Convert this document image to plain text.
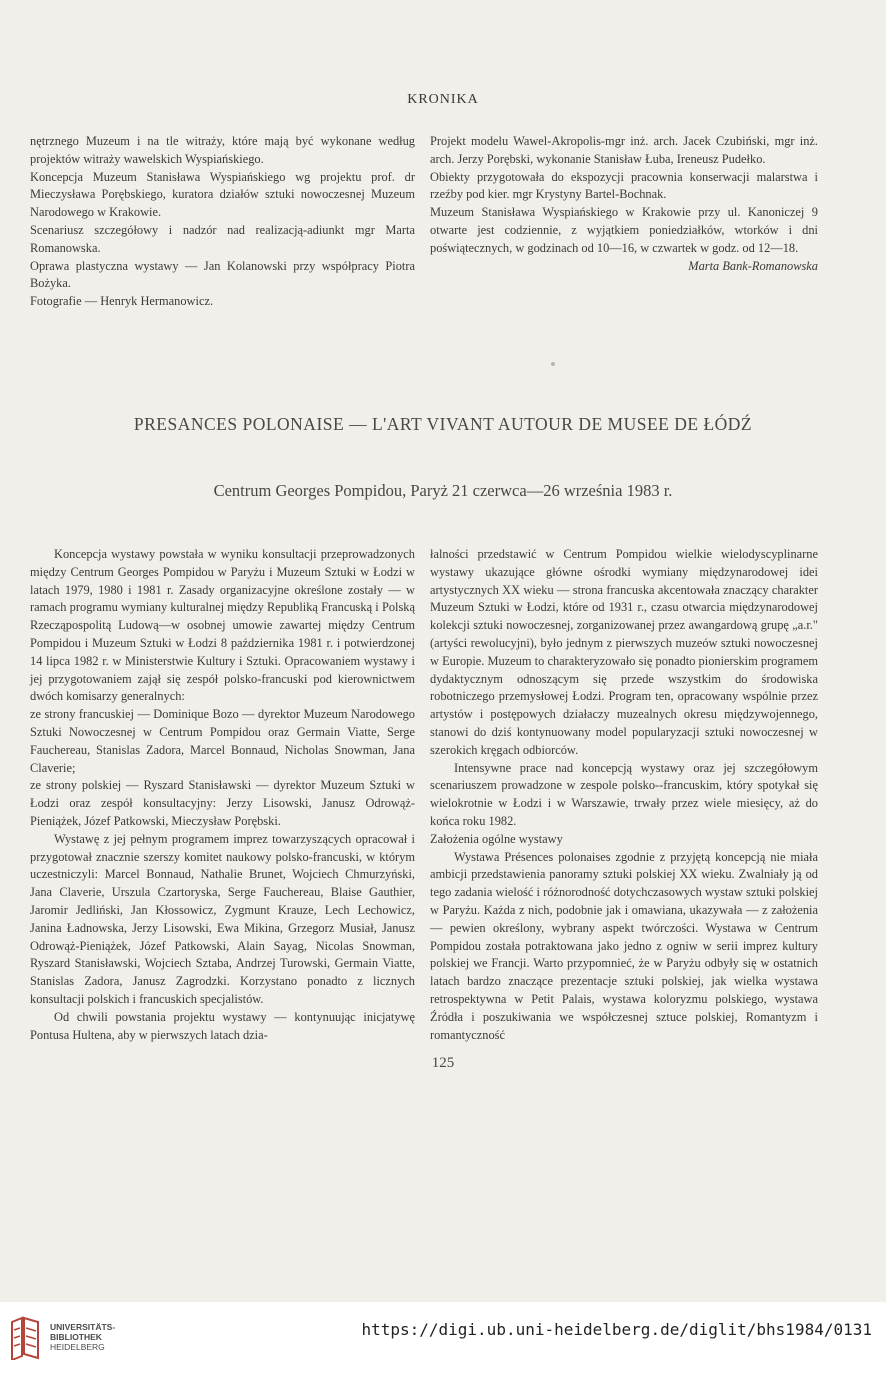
KRONIKA

nętrznego Muzeum i na tle witraży, które mają być wykonane według projektów witraży wawelskich Wyspiańskiego.

Koncepcja Muzeum Stanisława Wyspiańskiego wg projektu prof. dr Mieczysława Porębskiego, kuratora działów sztuki nowoczesnej Muzeum Narodowego w Krakowie.

Scenariusz szczegółowy i nadzór nad realizacją-adiunkt mgr Marta Romanowska.

Oprawa plastyczna wystawy — Jan Kolanowski przy współpracy Piotra Bożyka.

Fotografie — Henryk Hermanowicz.

Projekt modelu Wawel-Akropolis-mgr inż. arch. Jacek Czubiński, mgr inż. arch. Jerzy Porębski, wykonanie Stanisław Łuba, Ireneusz Pudełko.

Obiekty przygotowała do ekspozycji pracownia konserwacji malarstwa i rzeźby pod kier. mgr Krystyny Bartel-Bochnak.

Muzeum Stanisława Wyspiańskiego w Krakowie przy ul. Kanoniczej 9 otwarte jest codziennie, z wyjątkiem poniedziałków, wtorków i dni poświątecznych, w godzinach od 10—16, w czwartek w godz. od 12—18.

Marta Bank-Romanowska

PRESANCES POLONAISE — L'ART VIVANT AUTOUR DE MUSEE DE ŁÓDŹ
Centrum Georges Pompidou, Paryż 21 czerwca—26 września 1983 r.

Koncepcja wystawy powstała w wyniku konsultacji przeprowadzonych między Centrum Georges Pompidou w Paryżu i Muzeum Sztuki w Łodzi w latach 1979, 1980 i 1981 r. Zasady organizacyjne określone zostały — w ramach programu wymiany kulturalnej między Republiką Francuską i Polską Rzecząpospolitą Ludową—w osobnej umowie zawartej między Centrum Pompidou i Muzeum Sztuki w Łodzi 8 października 1981 r. i potwierdzonej 14 lipca 1982 r. w Ministerstwie Kultury i Sztuki. Opracowaniem wystawy i jej przygotowaniem zajął się zespół polsko-francuski pod kierownictwem dwóch komisarzy generalnych:

ze strony francuskiej — Dominique Bozo — dyrektor Muzeum Narodowego Sztuki Nowoczesnej w Centrum Pompidou oraz Germain Viatte, Serge Fauchereau, Stanislas Zadora, Marcel Bonnaud, Nicholas Snowman, Jana Claverie;

ze strony polskiej — Ryszard Stanisławski — dyrektor Muzeum Sztuki w Łodzi oraz zespół konsultacyjny: Jerzy Lisowski, Janusz Odrowąż-Pieniążek, Józef Patkowski, Mieczysław Porębski.

Wystawę z jej pełnym programem imprez towarzyszących opracował i przygotował znacznie szerszy komitet naukowy polsko-francuski, w którym uczestniczyli: Marcel Bonnaud, Nathalie Brunet, Wojciech Chmurzyński, Jana Claverie, Urszula Czartoryska, Serge Fauchereau, Blaise Gauthier, Jaromir Jedliński, Jan Kłossowicz, Zygmunt Krauze, Lech Lechowicz, Janina Ładnowska, Jerzy Lisowski, Ewa Mikina, Grzegorz Musiał, Janusz Odrowąż-Pieniążek, Józef Patkowski, Alain Sayag, Nicolas Snowman, Ryszard Stanisławski, Wojciech Sztaba, Andrzej Turowski, Germain Viatte, Stanislas Zadora, Janusz Zagrodzki. Korzystano ponadto z licznych konsultacji polskich i francuskich specjalistów.

Od chwili powstania projektu wystawy — kontynuując inicjatywę Pontusa Hultena, aby w pierwszych latach dzia-

łalności przedstawić w Centrum Pompidou wielkie wielodyscyplinarne wystawy ukazujące główne ośrodki wymiany międzynarodowej idei artystycznych XX wieku — strona francuska akcentowała znaczący charakter Muzeum Sztuki w Łodzi, które od 1931 r., czasu otwarcia międzynarodowej kolekcji sztuki nowoczesnej, zorganizowanej przez awangardową grupę „a.r." (artyści rewolucyjni), było jednym z pierwszych muzeów sztuki nowoczesnej w Europie. Muzeum to charakteryzowało się ponadto pionierskim programem dydaktycznym odnoszącym się przede wszystkim do środowiska robotniczego przemysłowej Łodzi. Program ten, opracowany wspólnie przez artystów i postępowych działaczy muzealnych okresu międzywojennego, stanowi do dziś kontynuowany model popularyzacji sztuki nowoczesnej w szerokich kręgach odbiorców.

Intensywne prace nad koncepcją wystawy oraz jej szczegółowym scenariuszem prowadzone w zespole polsko--francuskim, który spotykał się wielokrotnie w Łodzi i w Warszawie, trwały przez wiele miesięcy, aż do końca roku 1982.

Założenia ogólne wystawy

Wystawa Présences polonaises zgodnie z przyjętą koncepcją nie miała ambicji przedstawienia panoramy sztuki polskiej XX wieku. Zwalniały ją od tego zadania wielość i różnorodność dotychczasowych wystaw sztuki polskiej w Paryżu. Każda z nich, podobnie jak i omawiana, ukazywała — z założenia — pewien określony, wybrany aspekt twórczości. Wystawa w Centrum Pompidou została potraktowana jako jedno z ogniw w serii imprez kultury polskiej we Francji. Warto przypomnieć, że w Paryżu odbyły się w ostatnich latach bardzo znaczące prezentacje sztuki polskiej, jak wielka wystawa retrospektywna w Petit Palais, wystawa koloryzmu polskiego, wystawa Źródła i poszukiwania we współczesnej sztuce polskiej, Romantyzm i romantyczność

125
UNIVERSITÄTS-
BIBLIOTHEK
HEIDELBERG
https://digi.ub.uni-heidelberg.de/diglit/bhs1984/0131
